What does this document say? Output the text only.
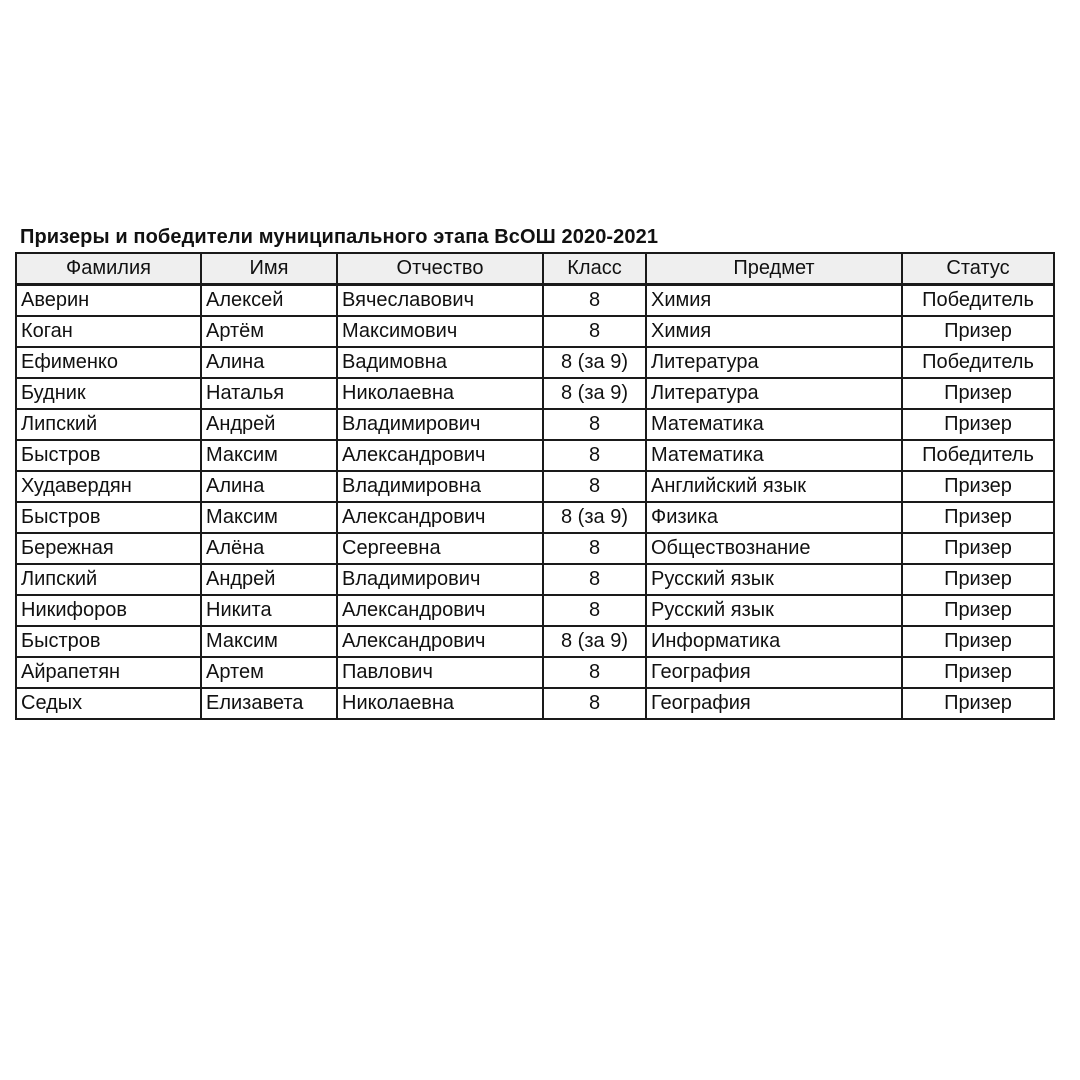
Призеры и победители муниципального этапа ВсОШ 2020-2021
Фамилия	Имя	Отчество	Класс	Предмет	Статус
Аверин	Алексей	Вячеславович	8	Химия	Победитель
Коган	Артём	Максимович	8	Химия	Призер
Ефименко	Алина	Вадимовна	8 (за 9)	Литература	Победитель
Будник	Наталья	Николаевна	8 (за 9)	Литература	Призер
Липский	Андрей	Владимирович	8	Математика	Призер
Быстров	Максим	Александрович	8	Математика	Победитель
Худавердян	Алина	Владимировна	8	Английский язык	Призер
Быстров	Максим	Александрович	8 (за 9)	Физика	Призер
Бережная	Алёна	Сергеевна	8	Обществознание	Призер
Липский	Андрей	Владимирович	8	Русский язык	Призер
Никифоров	Никита	Александрович	8	Русский язык	Призер
Быстров	Максим	Александрович	8 (за 9)	Информатика	Призер
Айрапетян	Артем	Павлович	8	География	Призер
Седых	Елизавета	Николаевна	8	География	Призер
